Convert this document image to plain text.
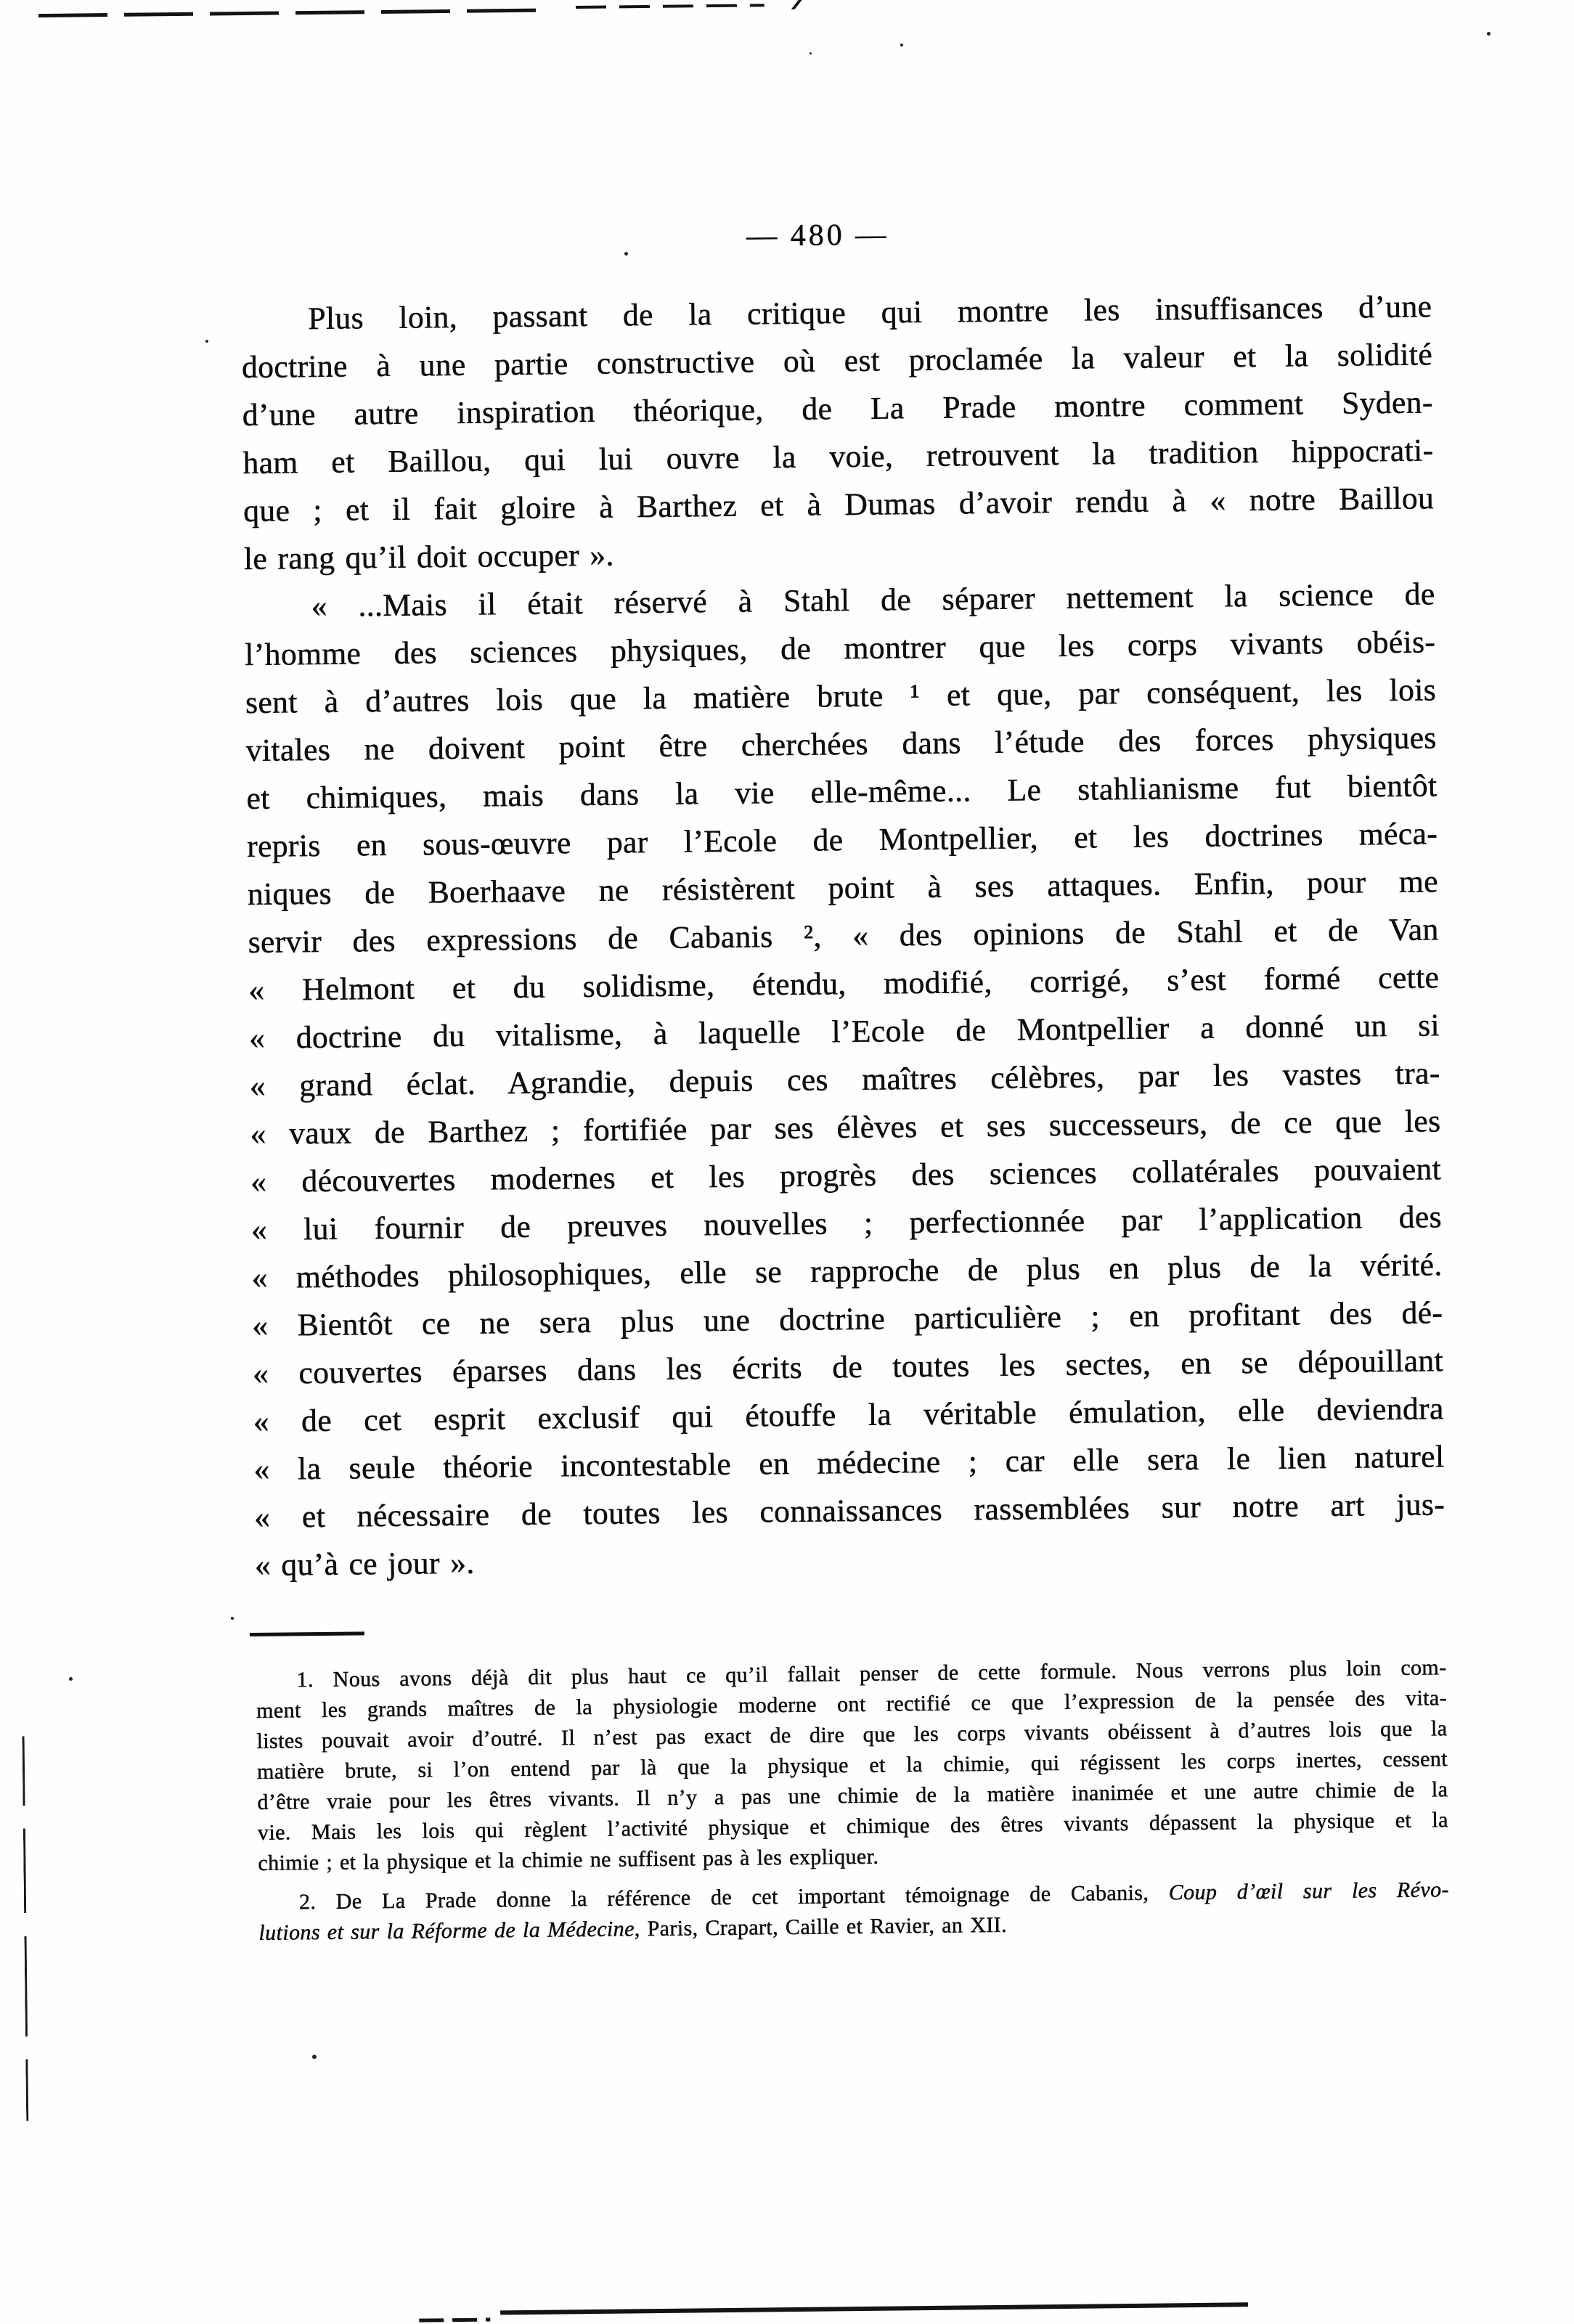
— 480 —
Plus loin, passant de la critique qui montre les insuffisances d’une
doctrine à une partie constructive où est proclamée la valeur et la solidité
d’une autre inspiration théorique, de La Prade montre comment Syden-
ham et Baillou, qui lui ouvre la voie, retrouvent la tradition hippocrati-
que ; et il fait gloire à Barthez et à Dumas d’avoir rendu à « notre Baillou
le rang qu’il doit occuper ».
« ...Mais il était réservé à Stahl de séparer nettement la science de
l’homme des sciences physiques, de montrer que les corps vivants obéis-
sent à d’autres lois que la matière brute ¹ et que, par conséquent, les lois
vitales ne doivent point être cherchées dans l’étude des forces physiques
et chimiques, mais dans la vie elle-même... Le stahlianisme fut bientôt
repris en sous-œuvre par l’Ecole de Montpellier, et les doctrines méca-
niques de Boerhaave ne résistèrent point à ses attaques. Enfin, pour me
servir des expressions de Cabanis ², « des opinions de Stahl et de Van
« Helmont et du solidisme, étendu, modifié, corrigé, s’est formé cette
« doctrine du vitalisme, à laquelle l’Ecole de Montpellier a donné un si
« grand éclat. Agrandie, depuis ces maîtres célèbres, par les vastes tra-
« vaux de Barthez ; fortifiée par ses élèves et ses successeurs, de ce que les
« découvertes modernes et les progrès des sciences collatérales pouvaient
« lui fournir de preuves nouvelles ; perfectionnée par l’application des
« méthodes philosophiques, elle se rapproche de plus en plus de la vérité.
« Bientôt ce ne sera plus une doctrine particulière ; en profitant des dé-
« couvertes éparses dans les écrits de toutes les sectes, en se dépouillant
« de cet esprit exclusif qui étouffe la véritable émulation, elle deviendra
« la seule théorie incontestable en médecine ; car elle sera le lien naturel
« et nécessaire de toutes les connaissances rassemblées sur notre art jus-
« qu’à ce jour ».
1. Nous avons déjà dit plus haut ce qu’il fallait penser de cette formule. Nous verrons plus loin com-
ment les grands maîtres de la physiologie moderne ont rectifié ce que l’expression de la pensée des vita-
listes pouvait avoir d’outré. Il n’est pas exact de dire que les corps vivants obéissent à d’autres lois que la
matière brute, si l’on entend par là que la physique et la chimie, qui régissent les corps inertes, cessent
d’être vraie pour les êtres vivants. Il n’y a pas une chimie de la matière inanimée et une autre chimie de la
vie. Mais les lois qui règlent l’activité physique et chimique des êtres vivants dépassent la physique et la
chimie ; et la physique et la chimie ne suffisent pas à les expliquer.
2. De La Prade donne la référence de cet important témoignage de Cabanis, Coup d’œil sur les Révo-
lutions et sur la Réforme de la Médecine, Paris, Crapart, Caille et Ravier, an XII.
